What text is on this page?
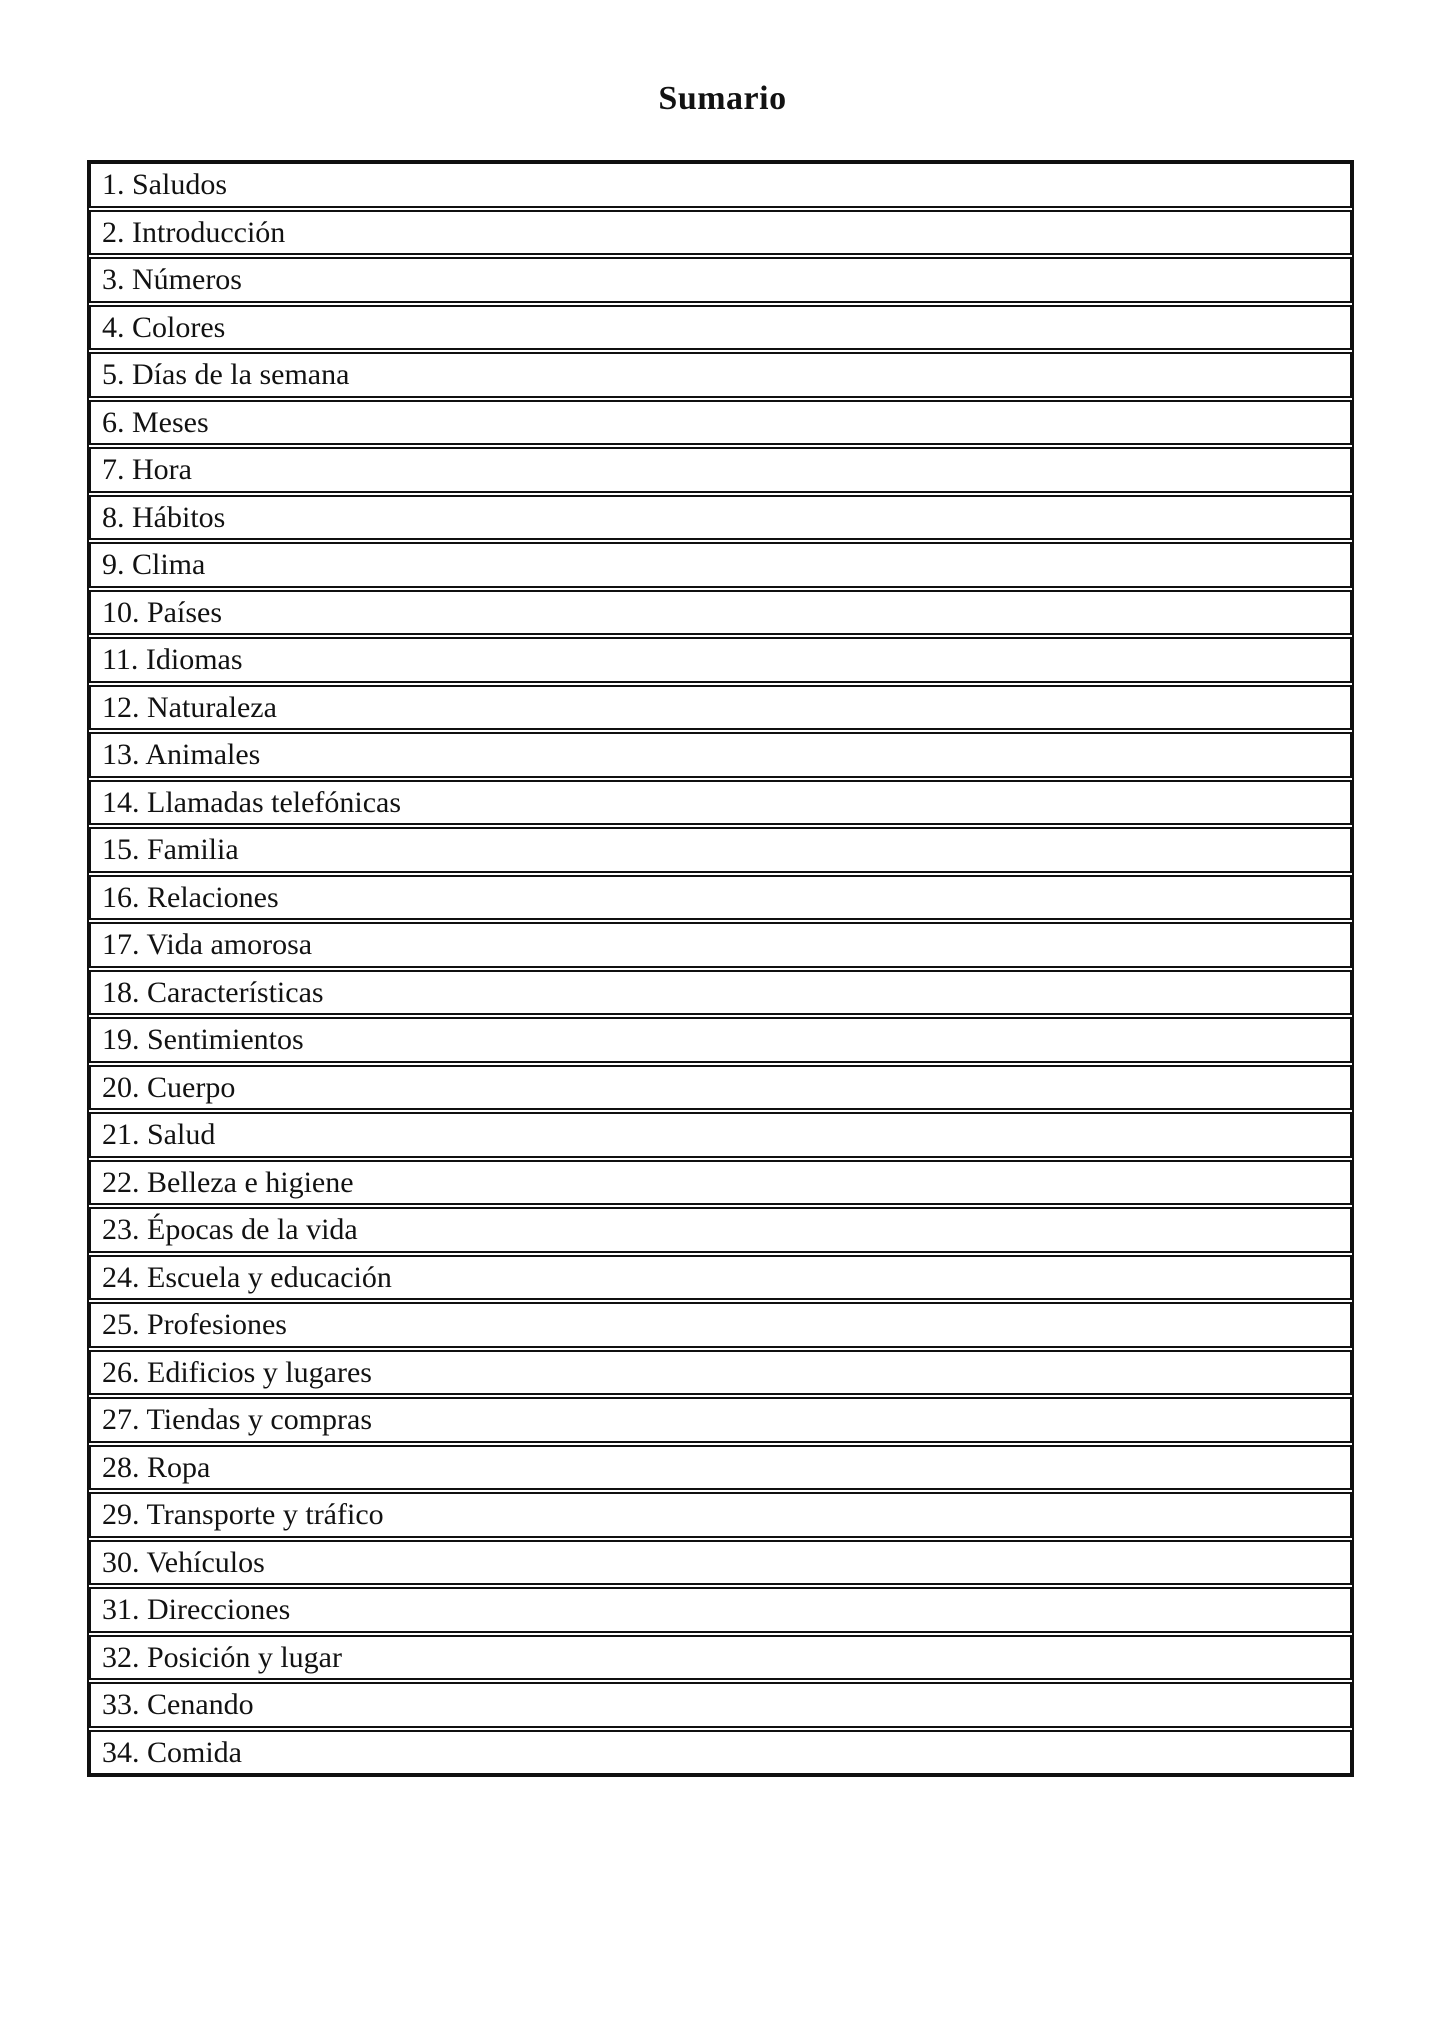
Sumario
1. Saludos
2. Introducción
3. Números
4. Colores
5. Días de la semana
6. Meses
7. Hora
8. Hábitos
9. Clima
10. Países
11. Idiomas
12. Naturaleza
13. Animales
14. Llamadas telefónicas
15. Familia
16. Relaciones
17. Vida amorosa
18. Características
19. Sentimientos
20. Cuerpo
21. Salud
22. Belleza e higiene
23. Épocas de la vida
24. Escuela y educación
25. Profesiones
26. Edificios y lugares
27. Tiendas y compras
28. Ropa
29. Transporte y tráfico
30. Vehículos
31. Direcciones
32. Posición y lugar
33. Cenando
34. Comida
